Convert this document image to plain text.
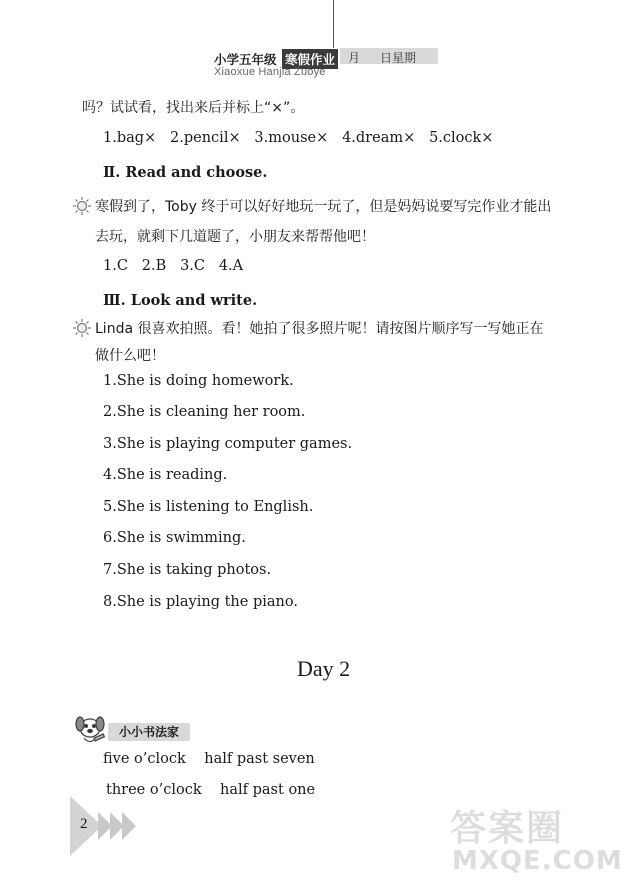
小学五年级 寒假作业 月 日 星期
Xiaoxue Hanjia Zuoye
吗？试试看，找出来后并标上“×”。
1.bag×   2.pencil×   3.mouse×   4.dream×   5.clock×
Ⅱ. Read and choose.
寒假到了，Toby 终于可以好好地玩一玩了，但是妈妈说要写完作业才能出
去玩，就剩下几道题了，小朋友来帮帮他吧！
1.C   2.B   3.C   4.A
Ⅲ. Look and write.
Linda 很喜欢拍照。看！她拍了很多照片呢！请按图片顺序写一写她正在
做什么吧！
1.She is doing homework.
2.She is cleaning her room.
3.She is playing computer games.
4.She is reading.
5.She is listening to English.
6.She is swimming.
7.She is taking photos.
8.She is playing the piano.
Day 2
小小书法家
five o’clock    half past seven
three o’clock    half past one
2	答案圈
MXQE.COM
